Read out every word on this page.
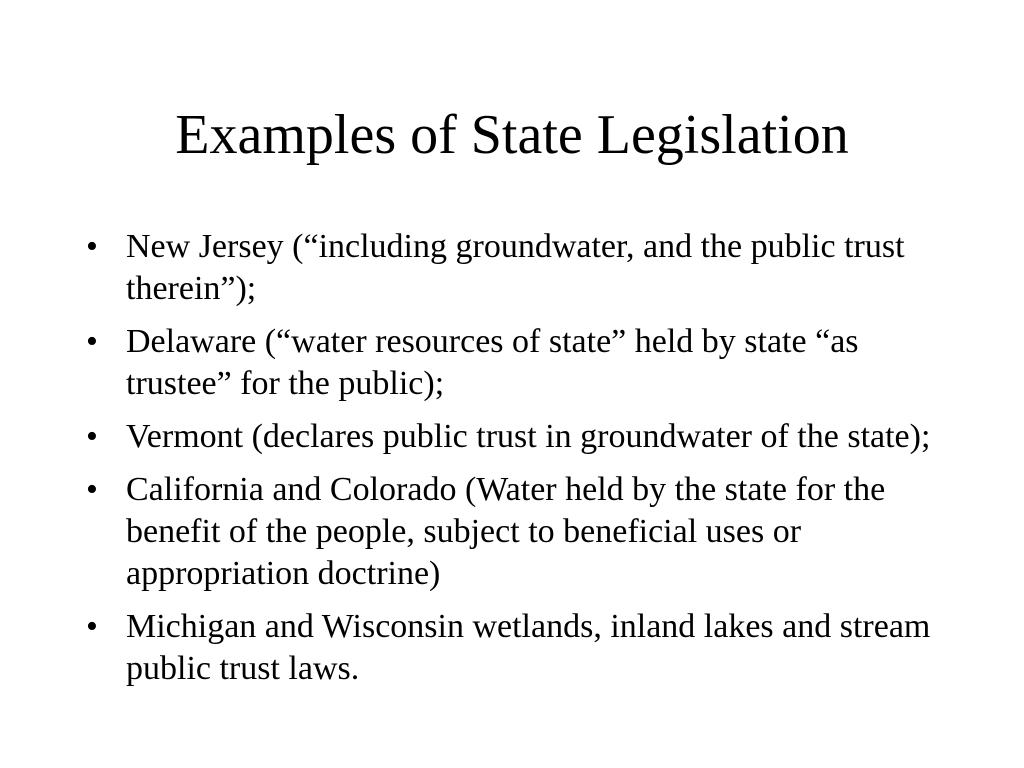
Examples of State Legislation
• New Jersey (“including groundwater, and the public trust therein”);
• Delaware (“water resources of state” held by state “as trustee” for the public);
• Vermont (declares public trust in groundwater of the state);
• California and Colorado (Water held by the state for the benefit of the people, subject to beneficial uses or appropriation doctrine)
• Michigan and Wisconsin wetlands, inland lakes and stream public trust laws.
